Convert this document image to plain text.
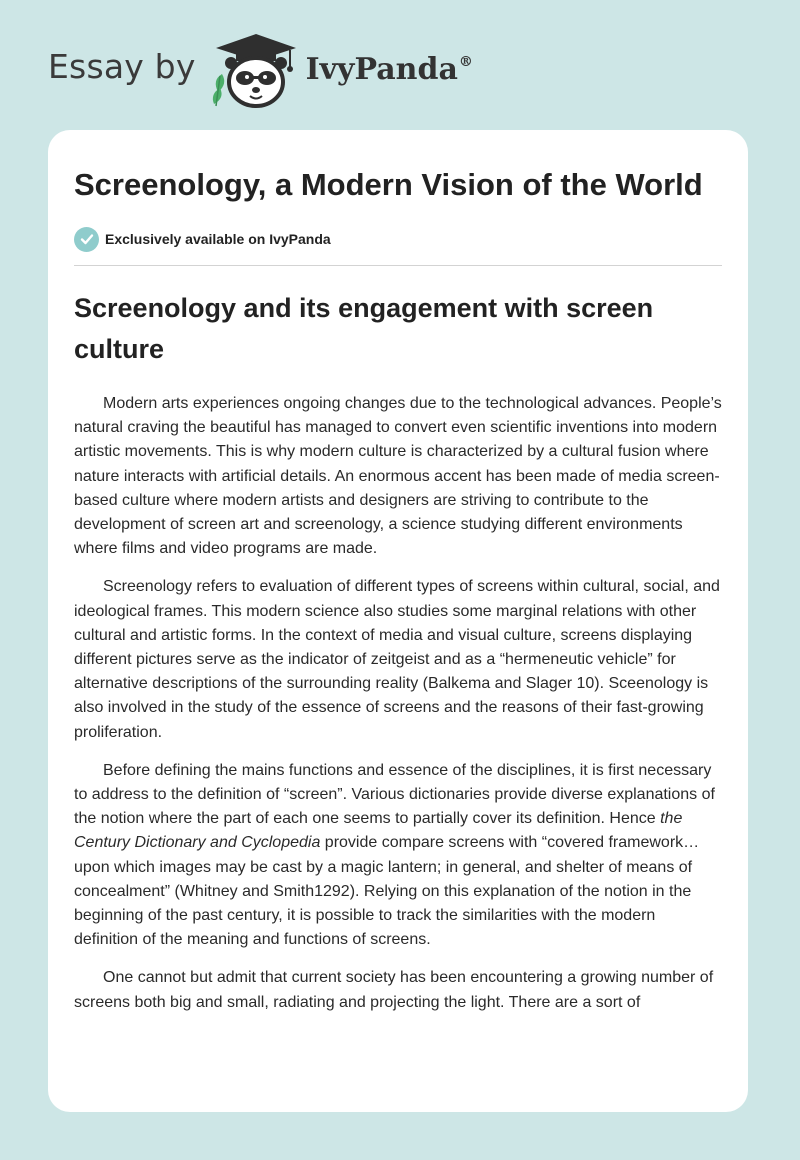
Essay by	IvyPanda®
Screenology, a Modern Vision of the World
Exclusively available on IvyPanda
Screenology and its engagement with screen culture

Modern arts experiences ongoing changes due to the technological advances. People’s natural craving the beautiful has managed to convert even scientific inventions into modern artistic movements. This is why modern culture is characterized by a cultural fusion where nature interacts with artificial details. An enormous accent has been made of media screen-based culture where modern artists and designers are striving to contribute to the development of screen art and screenology, a science studying different environments where films and video programs are made.

Screenology refers to evaluation of different types of screens within cultural, social, and ideological frames. This modern science also studies some marginal relations with other cultural and artistic forms. In the context of media and visual culture, screens displaying different pictures serve as the indicator of zeitgeist and as a “hermeneutic vehicle” for alternative descriptions of the surrounding reality (Balkema and Slager 10). Sceenology is also involved in the study of the essence of screens and the reasons of their fast-growing proliferation.

Before defining the mains functions and essence of the disciplines, it is first necessary to address to the definition of “screen”. Various dictionaries provide diverse explanations of the notion where the part of each one seems to partially cover its definition. Hence the Century Dictionary and Cyclopedia provide compare screens with “covered framework…upon which images may be cast by a magic lantern; in general, and shelter of means of concealment” (Whitney and Smith1292). Relying on this explanation of the notion in the beginning of the past century, it is possible to track the similarities with the modern definition of the meaning and functions of screens.

One cannot but admit that current society has been encountering a growing number of screens both big and small, radiating and projecting the light. There are a sort of
